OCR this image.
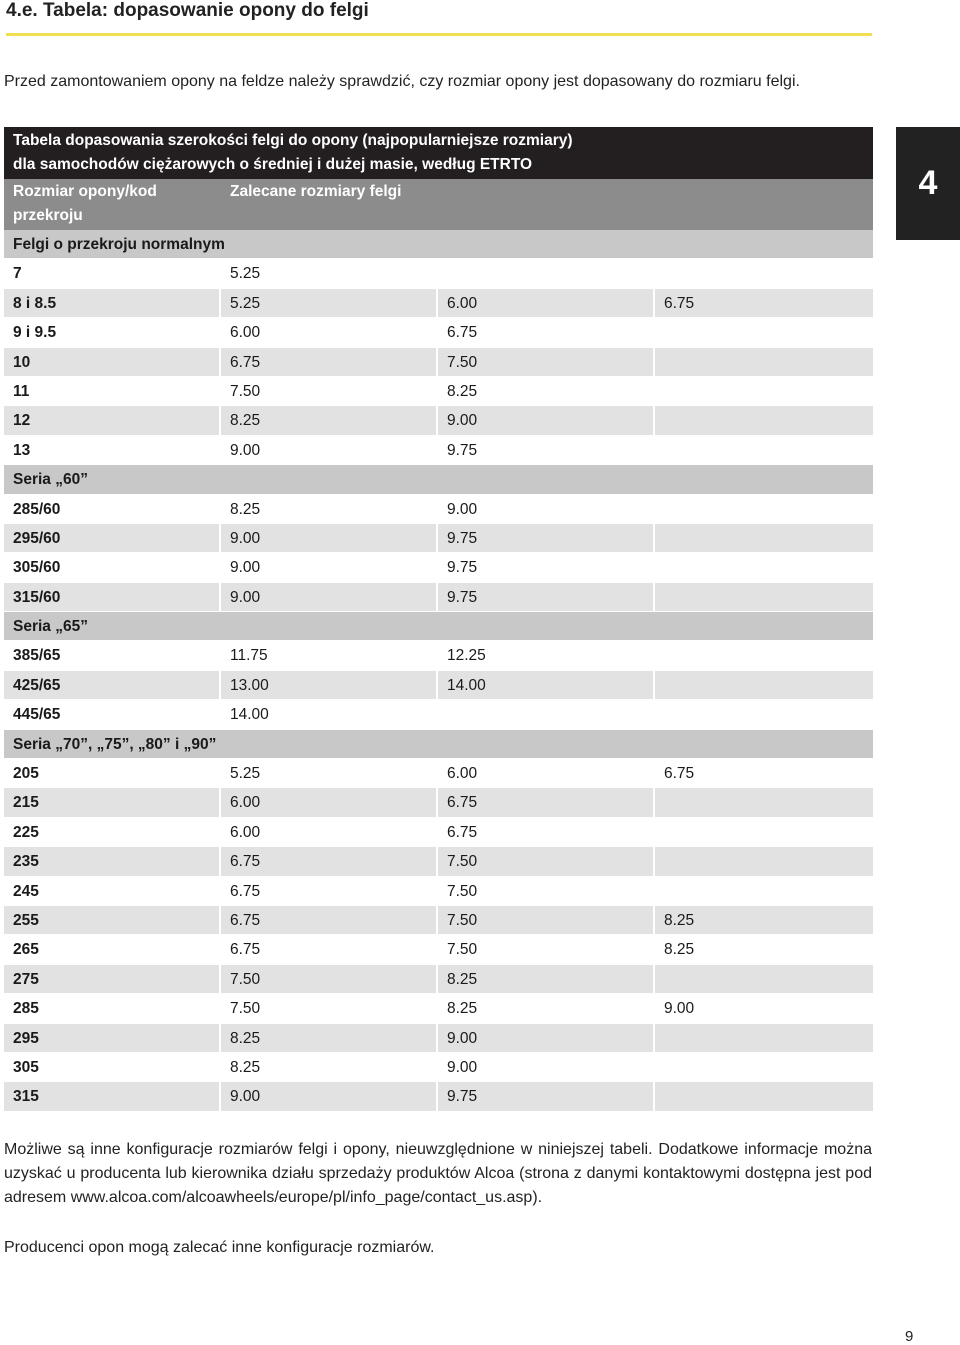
4.e. Tabela: dopasowanie opony do felgi
Przed zamontowaniem opony na feldze należy sprawdzić, czy rozmiar opony jest dopasowany do rozmiaru felgi.
4
Tabela dopasowania szerokości felgi do opony (najpopularniejsze rozmiary)
dla samochodów ciężarowych o średniej i dużej masie, według ETRTO
Rozmiar opony/kod przekroju
Zalecane rozmiary felgi
Felgi o przekroju normalnym
7	5.25
8 i 8.5	5.25	6.00	6.75
9 i 9.5	6.00	6.75
10	6.75	7.50
11	7.50	8.25
12	8.25	9.00
13	9.00	9.75
Seria „60”
285/60	8.25	9.00
295/60	9.00	9.75
305/60	9.00	9.75
315/60	9.00	9.75
Seria „65”
385/65	11.75	12.25
425/65	13.00	14.00
445/65	14.00
Seria „70”, „75”, „80” i „90”
205	5.25	6.00	6.75
215	6.00	6.75
225	6.00	6.75
235	6.75	7.50
245	6.75	7.50
255	6.75	7.50	8.25
265	6.75	7.50	8.25
275	7.50	8.25
285	7.50	8.25	9.00
295	8.25	9.00
305	8.25	9.00
315	9.00	9.75
Możliwe są inne konfiguracje rozmiarów felgi i opony, nieuwzględnione w niniejszej tabeli. Dodatkowe informacje można uzyskać u producenta lub kierownika działu sprzedaży produktów Alcoa (strona z danymi kontaktowymi dostępna jest pod adresem www.alcoa.com/alcoawheels/europe/pl/info_page/contact_us.asp).
Producenci opon mogą zalecać inne konfiguracje rozmiarów.
9
